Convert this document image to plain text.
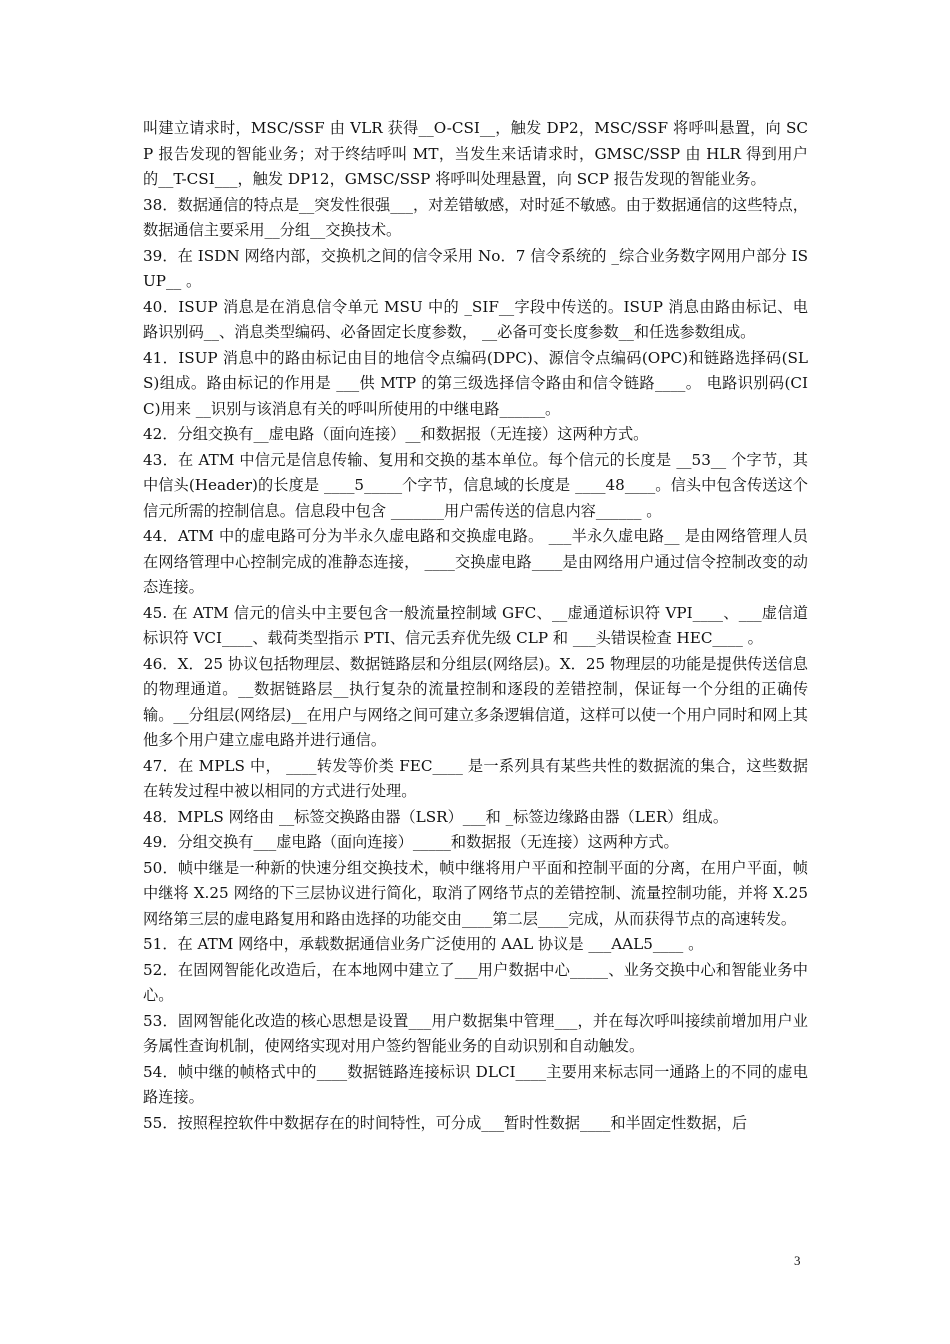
叫建立请求时，MSC/SSF 由 VLR 获得__O-CSI__，触发 DP2，MSC/SSF 将呼叫悬置，向 SCP 报告发现的智能业务；对于终结呼叫 MT，当发生来话请求时，GMSC/SSP 由 HLR 得到用户的__T-CSI___，触发 DP12，GMSC/SSP 将呼叫处理悬置，向 SCP 报告发现的智能业务。

38．数据通信的特点是__突发性很强___，对差错敏感，对时延不敏感。由于数据通信的这些特点，数据通信主要采用__分组__交换技术。

39．在 ISDN 网络内部，交换机之间的信令采用 No．7 信令系统的 _综合业务数字网用户部分 ISUP__ 。

40．ISUP 消息是在消息信令单元 MSU 中的 _SIF__字段中传送的。ISUP 消息由路由标记、电路识别码__、消息类型编码、必备固定长度参数， __必备可变长度参数__和任选参数组成。

41．ISUP 消息中的路由标记由目的地信令点编码(DPC)、源信令点编码(OPC)和链路选择码(SLS)组成。路由标记的作用是 ___供 MTP 的第三级选择信令路由和信令链路____。 电路识别码(CIC)用来 __识别与该消息有关的呼叫所使用的中继电路______。

42．分组交换有__虚电路（面向连接）__和数据报（无连接）这两种方式。

43．在 ATM 中信元是信息传输、复用和交换的基本单位。每个信元的长度是 __53__ 个字节，其中信头(Header)的长度是 ____5_____个字节，信息域的长度是 ____48____。信头中包含传送这个信元所需的控制信息。信息段中包含 _______用户需传送的信息内容______ 。

44．ATM 中的虚电路可分为半永久虚电路和交换虚电路。 ___半永久虚电路__ 是由网络管理人员在网络管理中心控制完成的准静态连接， ____交换虚电路____是由网络用户通过信令控制改变的动态连接。

45. 在 ATM 信元的信头中主要包含一般流量控制域 GFC、__虚通道标识符 VPI____、___虚信道标识符 VCI____、载荷类型指示 PTI、信元丢弃优先级 CLP 和 ___头错误检查 HEC____ 。

46．X．25 协议包括物理层、数据链路层和分组层(网络层)。X．25 物理层的功能是提供传送信息的物理通道。__数据链路层__执行复杂的流量控制和逐段的差错控制，保证每一个分组的正确传输。__分组层(网络层)__在用户与网络之间可建立多条逻辑信道，这样可以使一个用户同时和网上其他多个用户建立虚电路并进行通信。

47．在 MPLS 中， ____转发等价类 FEC____ 是一系列具有某些共性的数据流的集合，这些数据在转发过程中被以相同的方式进行处理。

48．MPLS 网络由 __标签交换路由器（LSR）___和 _标签边缘路由器（LER）组成。

49．分组交换有___虚电路（面向连接）_____和数据报（无连接）这两种方式。

50．帧中继是一种新的快速分组交换技术，帧中继将用户平面和控制平面的分离，在用户平面，帧中继将 X.25 网络的下三层协议进行简化，取消了网络节点的差错控制、流量控制功能，并将 X.25 网络第三层的虚电路复用和路由选择的功能交由____第二层____完成，从而获得节点的高速转发。

51．在 ATM 网络中，承载数据通信业务广泛使用的 AAL 协议是 ___AAL5____ 。

52．在固网智能化改造后，在本地网中建立了___用户数据中心_____、业务交换中心和智能业务中心。

53．固网智能化改造的核心思想是设置___用户数据集中管理___，并在每次呼叫接续前增加用户业务属性查询机制，使网络实现对用户签约智能业务的自动识别和自动触发。

54．帧中继的帧格式中的____数据链路连接标识 DLCI____主要用来标志同一通路上的不同的虚电路连接。

55．按照程控软件中数据存在的时间特性，可分成___暂时性数据____和半固定性数据，后

3
